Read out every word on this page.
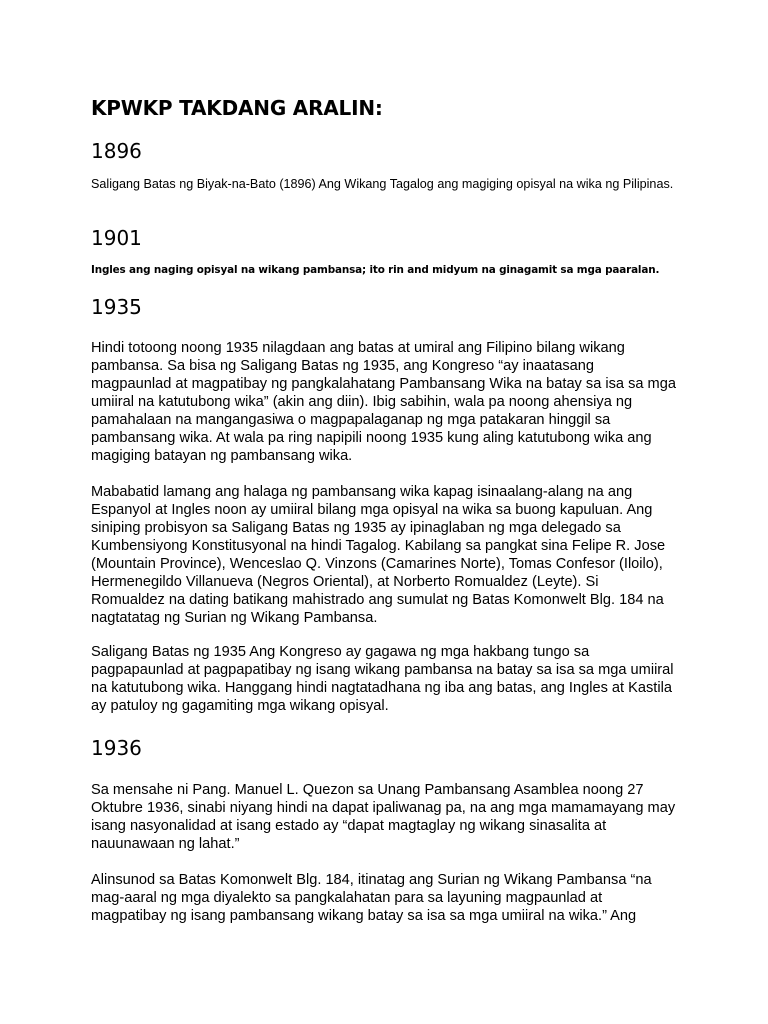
KPWKP TAKDANG ARALIN:
1896

Saligang Batas ng Biyak-na-Bato (1896) Ang Wikang Tagalog ang magiging opisyal na wika ng Pilipinas.

1901

Ingles ang naging opisyal na wikang pambansa; ito rin and midyum na ginagamit sa mga paaralan.

1935

Hindi totoong noong 1935 nilagdaan ang batas at umiral ang Filipino bilang wikang pambansa. Sa bisa ng Saligang Batas ng 1935, ang Kongreso “ay inaatasang magpaunlad at magpatibay ng pangkalahatang Pambansang Wika na batay sa isa sa mga umiiral na katutubong wika” (akin ang diin). Ibig sabihin, wala pa noong ahensiya ng pamahalaan na mangangasiwa o magpapalaganap ng mga patakaran hinggil sa pambansang wika. At wala pa ring napipili noong 1935 kung aling katutubong wika ang magiging batayan ng pambansang wika.

Mababatid lamang ang halaga ng pambansang wika kapag isinaalang-alang na ang Espanyol at Ingles noon ay umiiral bilang mga opisyal na wika sa buong kapuluan. Ang siniping probisyon sa Saligang Batas ng 1935 ay ipinaglaban ng mga delegado sa Kumbensiyong Konstitusyonal na hindi Tagalog. Kabilang sa pangkat sina Felipe R. Jose (Mountain Province), Wenceslao Q. Vinzons (Camarines Norte), Tomas Confesor (Iloilo), Hermenegildo Villanueva (Negros Oriental), at Norberto Romualdez (Leyte). Si Romualdez na dating batikang mahistrado ang sumulat ng Batas Komonwelt Blg. 184 na nagtatatag ng Surian ng Wikang Pambansa.

Saligang Batas ng 1935 Ang Kongreso ay gagawa ng mga hakbang tungo sa pagpapaunlad at pagpapatibay ng isang wikang pambansa na batay sa isa sa mga umiiral na katutubong wika. Hanggang hindi nagtatadhana ng iba ang batas, ang Ingles at Kastila ay patuloy ng gagamiting mga wikang opisyal.

1936

Sa mensahe ni Pang. Manuel L. Quezon sa Unang Pambansang Asamblea noong 27 Oktubre 1936, sinabi niyang hindi na dapat ipaliwanag pa, na ang mga mamamayang may isang nasyonalidad at isang estado ay “dapat magtaglay ng wikang sinasalita at nauunawaan ng lahat.”

Alinsunod sa Batas Komonwelt Blg. 184, itinatag ang Surian ng Wikang Pambansa “na mag-aaral ng mga diyalekto sa pangkalahatan para sa layuning magpaunlad at magpatibay ng isang pambansang wikang batay sa isa sa mga umiiral na wika.” Ang
